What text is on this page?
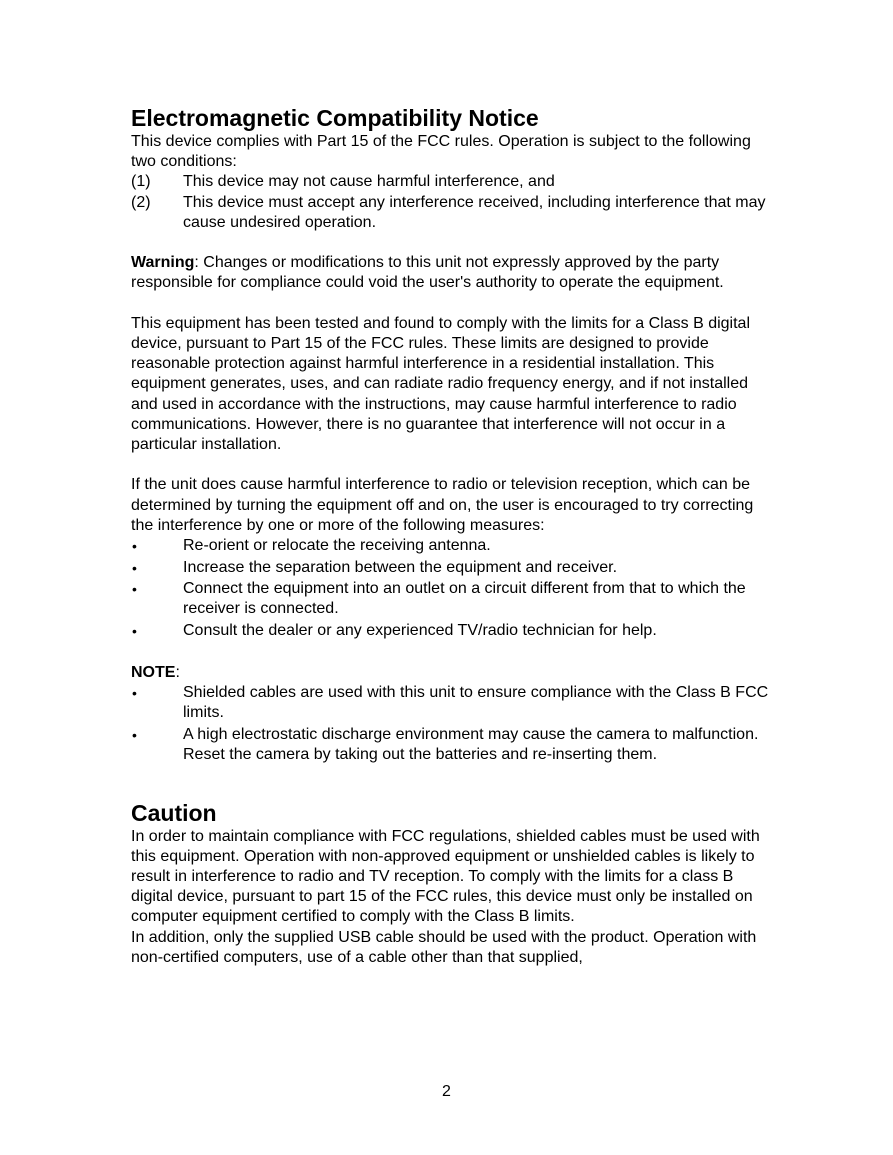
Electromagnetic Compatibility Notice

This device complies with Part 15 of the FCC rules. Operation is subject to the following two conditions:

(1) This device may not cause harmful interference, and
(2) This device must accept any interference received, including interference that may cause undesired operation.

Warning: Changes or modifications to this unit not expressly approved by the party responsible for compliance could void the user's authority to operate the equipment.

This equipment has been tested and found to comply with the limits for a Class B digital device, pursuant to Part 15 of the FCC rules. These limits are designed to provide reasonable protection against harmful interference in a residential installation. This equipment generates, uses, and can radiate radio frequency energy, and if not installed and used in accordance with the instructions, may cause harmful interference to radio communications. However, there is no guarantee that interference will not occur in a particular installation.

If the unit does cause harmful interference to radio or television reception, which can be determined by turning the equipment off and on, the user is encouraged to try correcting the interference by one or more of the following measures:

•	Re-orient or relocate the receiving antenna.
•	Increase the separation between the equipment and receiver.
•	Connect the equipment into an outlet on a circuit different from that to which the receiver is connected.
•	Consult the dealer or any experienced TV/radio technician for help.

NOTE:

•	Shielded cables are used with this unit to ensure compliance with the Class B FCC limits.
•	A high electrostatic discharge environment may cause the camera to malfunction. Reset the camera by taking out the batteries and re-inserting them.
Caution

In order to maintain compliance with FCC regulations, shielded cables must be used with this equipment. Operation with non-approved equipment or unshielded cables is likely to result in interference to radio and TV reception. To comply with the limits for a class B digital device, pursuant to part 15 of the FCC rules, this device must only be installed on computer equipment certified to comply with the Class B limits.

In addition, only the supplied USB cable should be used with the product. Operation with non-certified computers, use of a cable other than that supplied,

2
